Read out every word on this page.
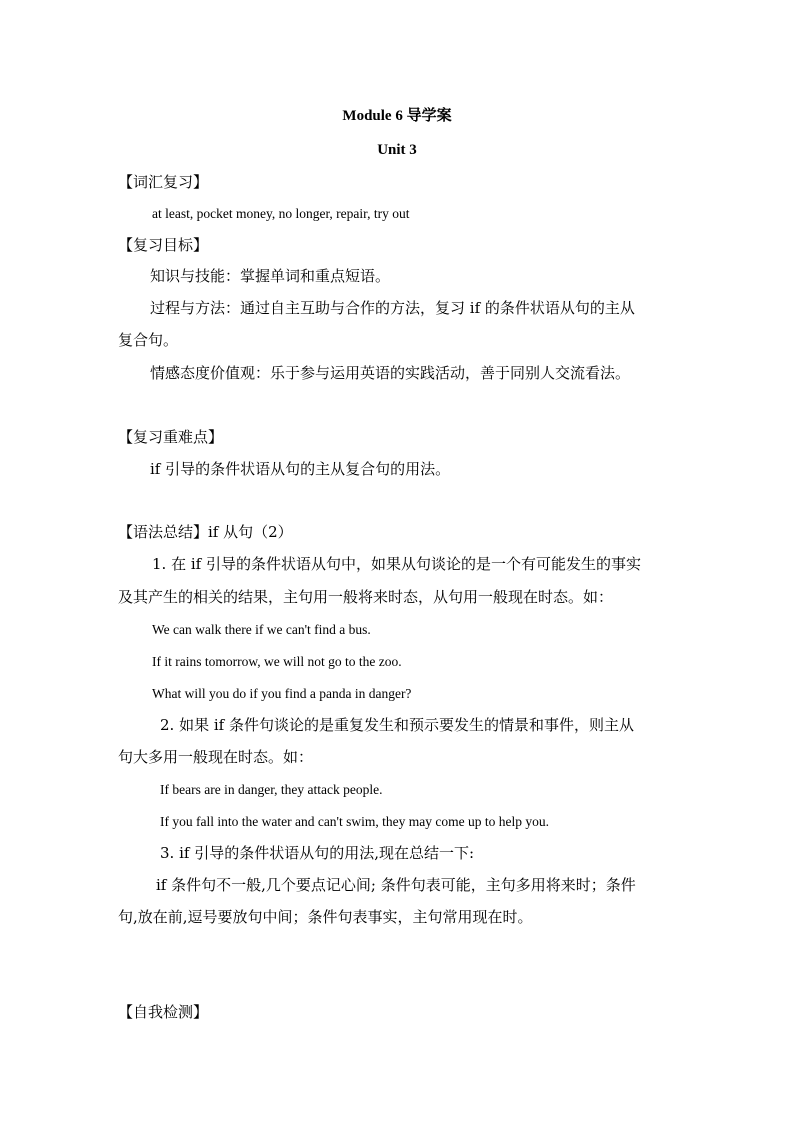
Module 6 导学案
Unit 3
【词汇复习】
at least, pocket money, no longer, repair, try out
【复习目标】
知识与技能：掌握单词和重点短语。
过程与方法：通过自主互助与合作的方法，复习 if 的条件状语从句的主从
复合句。
情感态度价值观：乐于参与运用英语的实践活动，善于同别人交流看法。
【复习重难点】
if 引导的条件状语从句的主从复合句的用法。
【语法总结】if 从句（2）
1. 在 if 引导的条件状语从句中，如果从句谈论的是一个有可能发生的事实
及其产生的相关的结果，主句用一般将来时态，从句用一般现在时态。如：
We can walk there if we can't find a bus.
If it rains tomorrow, we will not go to the zoo.
What will you do if you find a panda in danger?
2. 如果 if 条件句谈论的是重复发生和预示要发生的情景和事件，则主从
句大多用一般现在时态。如：
If bears are in danger, they attack people.
If you fall into the water and can't swim, they may come up to help you.
3. if 引导的条件状语从句的用法,现在总结一下:
if 条件句不一般,几个要点记心间; 条件句表可能，主句多用将来时；条件
句,放在前,逗号要放句中间；条件句表事实，主句常用现在时。
【自我检测】
